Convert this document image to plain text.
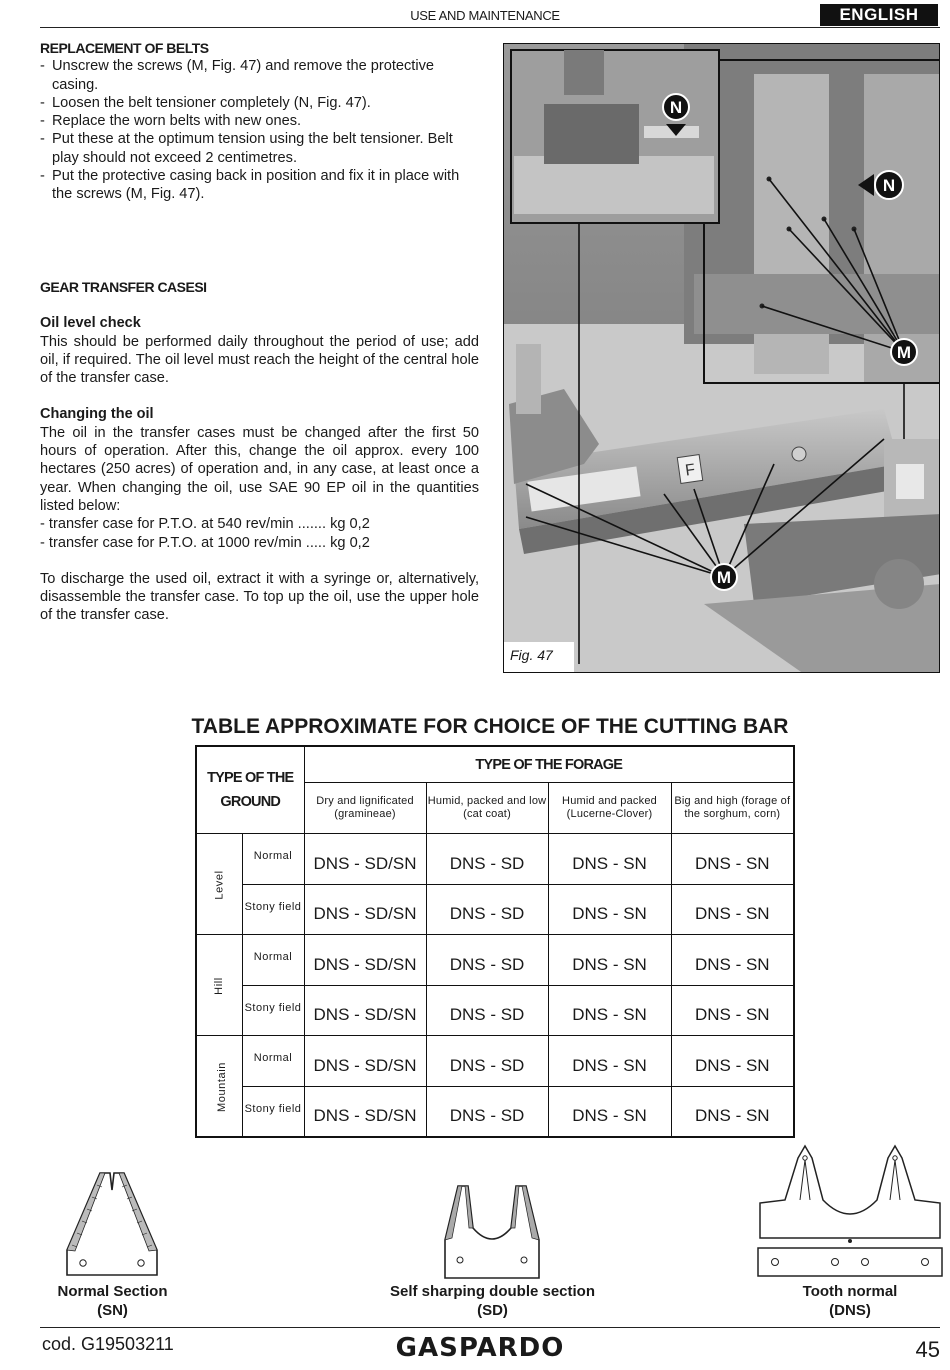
USE AND MAINTENANCE	ENGLISH

REPLACEMENT OF BELTS

- Unscrew the screws (M, Fig. 47) and remove the protective casing.

- Loosen the belt tensioner completely (N, Fig. 47).

- Replace the worn belts with new ones.

- Put these at the optimum tension using the belt tensioner. Belt play should not exceed 2 centimetres.

- Put the protective casing back in position and fix it in place with the screws (M, Fig. 47).

GEAR TRANSFER CASESI

Oil level check

This should be performed daily throughout the period of use; add oil, if required. The oil level must reach the height of the central hole of the transfer case.

Changing the oil

The oil in the transfer cases must be changed after the first 50 hours of operation. After this, change the oil approx. every 100 hectares (250 acres) of operation and, in any case, at least once a year. When changing the oil, use SAE 90 EP oil in the quantities listed below:

- transfer case for P.T.O. at 540 rev/min ....... kg 0,2

- transfer case for P.T.O. at 1000 rev/min ..... kg 0,2

To discharge the used oil, extract it with a syringe or, alternatively, disassemble the transfer case. To top up the oil, use the upper hole of the transfer case.

F
N
N
M
M
Fig. 47
TABLE APPROXIMATE FOR CHOICE OF THE CUTTING BAR
TYPE OF THE GROUND		TYPE OF THE FORAGE			
		Dry and lignificated (gramineae)	Humid, packed and low (cat coat)	Humid and packed (Lucerne-Clover)	Big and high (forage of the sorghum, corn)
Level	Normal	DNS - SD/SN	DNS - SD	DNS - SN	DNS - SN

	Stony field	DNS - SD/SN	DNS - SD	DNS - SN	DNS - SN
Hill	Normal	DNS - SD/SN	DNS - SD	DNS - SN	DNS - SN

	Stony field	DNS - SD/SN	DNS - SD	DNS - SN	DNS - SN
Mountain	Normal	DNS - SD/SN	DNS - SD	DNS - SN	DNS - SN

	Stony field	DNS - SD/SN	DNS - SD	DNS - SN	DNS - SN
Normal Section
(SN)
Self sharping double section
(SD)
Tooth normal
(DNS)
cod. G19503211	GASPARDO	45
